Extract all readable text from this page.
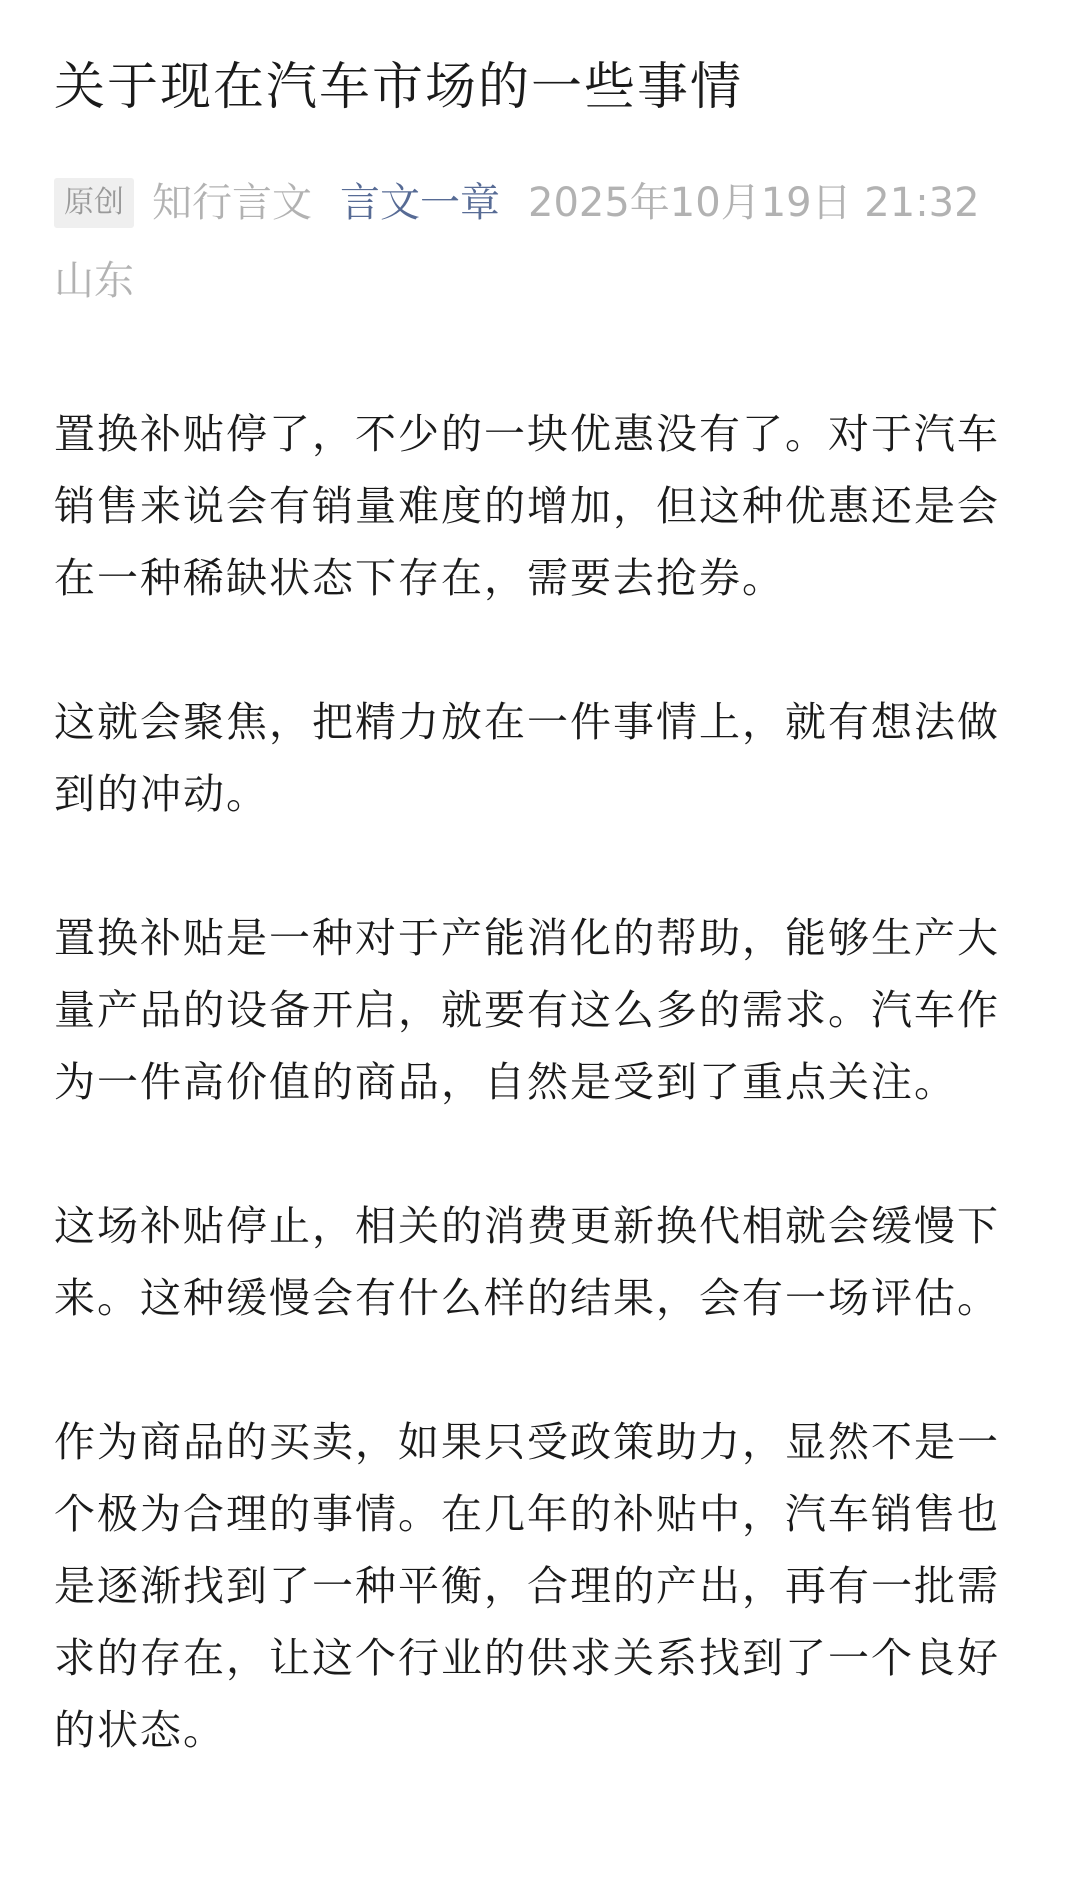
关于现在汽车市场的一些事情
原创 知行言文 言文一章 2025年10月19日 21:32
山东

置换补贴停了，不少的一块优惠没有了。对于汽车销售来说会有销量难度的增加，但这种优惠还是会在一种稀缺状态下存在，需要去抢券。

这就会聚焦，把精力放在一件事情上，就有想法做到的冲动。

置换补贴是一种对于产能消化的帮助，能够生产大量产品的设备开启，就要有这么多的需求。汽车作为一件高价值的商品，自然是受到了重点关注。

这场补贴停止，相关的消费更新换代相就会缓慢下来。这种缓慢会有什么样的结果，会有一场评估。

作为商品的买卖，如果只受政策助力，显然不是一个极为合理的事情。在几年的补贴中，汽车销售也是逐渐找到了一种平衡，合理的产出，再有一批需求的存在，让这个行业的供求关系找到了一个良好的状态。
